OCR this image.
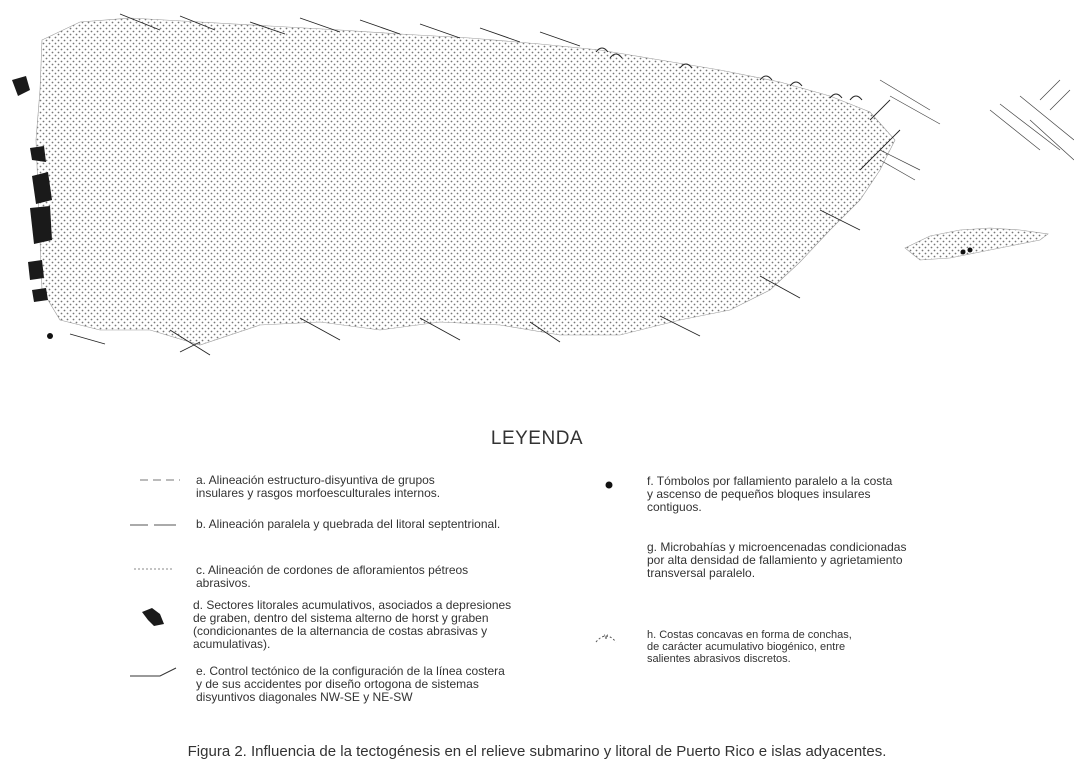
LEYENDA
v
a. Alineación estructuro-disyuntiva de grupos
insulares y rasgos morfoesculturales internos.
b. Alineación paralela y quebrada del litoral septentrional.
c. Alineación de cordones de afloramientos pétreos
abrasivos.
d. Sectores litorales acumulativos, asociados a depresiones
de graben, dentro del sistema alterno de horst y graben
(condicionantes de la alternancia de costas abrasivas y
acumulativas).
e. Control tectónico de la configuración de la línea costera
y de sus accidentes por diseño ortogona de sistemas
disyuntivos diagonales NW-SE y NE-SW
f. Tómbolos por fallamiento paralelo a la costa
y ascenso de pequeños bloques insulares
contiguos.
g. Microbahías y microencenadas condicionadas
por alta densidad de fallamiento y agrietamiento
transversal paralelo.
h. Costas concavas en forma de conchas,
de carácter acumulativo biogénico, entre
salientes abrasivos discretos.
Figura 2. Influencia de la tectogénesis en el relieve submarino y litoral de Puerto Rico e islas adyacentes.
